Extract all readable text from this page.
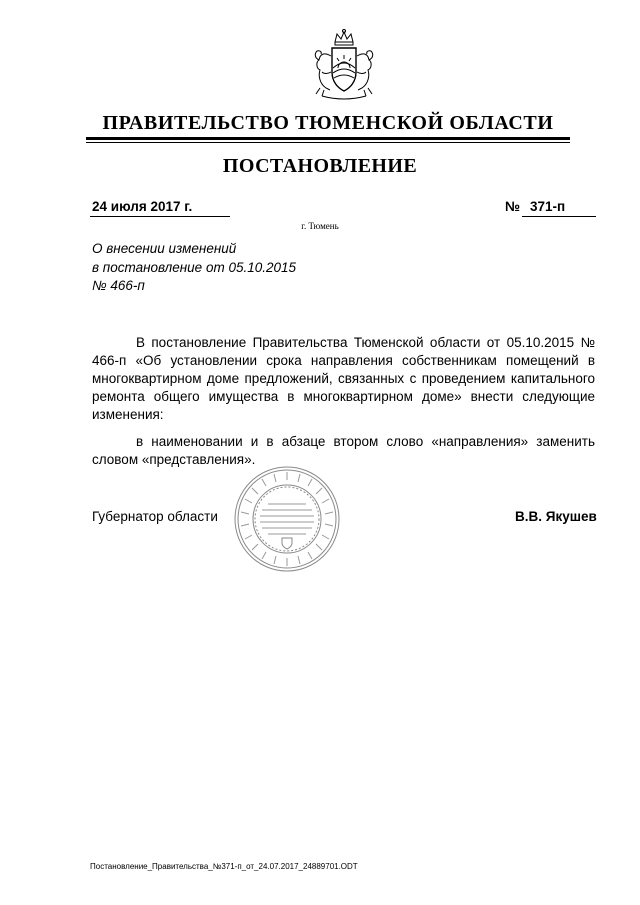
ПРАВИТЕЛЬСТВО ТЮМЕНСКОЙ ОБЛАСТИ
ПОСТАНОВЛЕНИЕ
24 июля 2017 г.	№ 371-п
г. Тюмень
О внесении изменений
в постановление от 05.10.2015
№ 466-п

В постановление Правительства Тюменской области от 05.10.2015 № 466-п «Об установлении срока направления собственникам помещений в многоквартирном доме предложений, связанных с проведением капитального ремонта общего имущества в многоквартирном доме» внести следующие изменения:

в наименовании и в абзаце втором слово «направления» заменить словом «представления».

Губернатор области	В.В. Якушев
Постановление_Правительства_№371-п_от_24.07.2017_24889701.ODT
